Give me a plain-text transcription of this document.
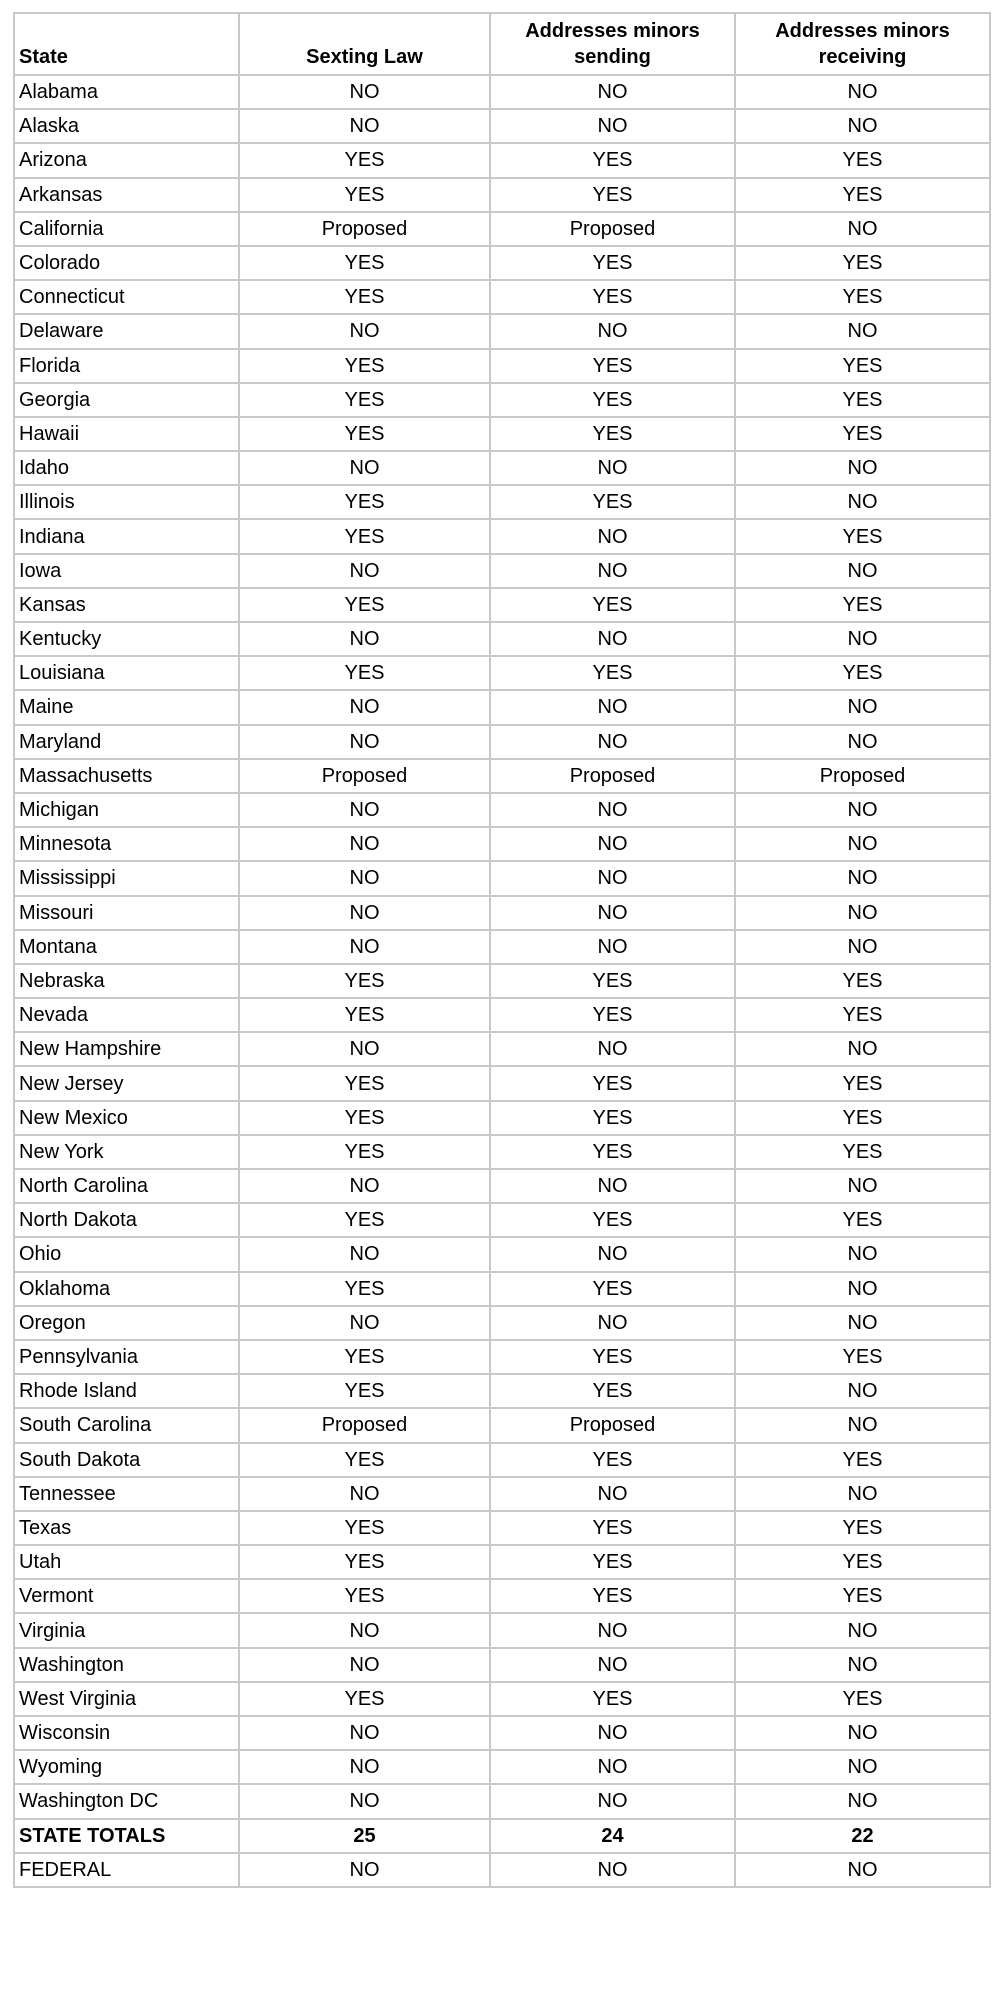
State	Sexting Law	Addresses minors sending	Addresses minors receiving
Alabama	NO	NO	NO
Alaska	NO	NO	NO
Arizona	YES	YES	YES
Arkansas	YES	YES	YES
California	Proposed	Proposed	NO
Colorado	YES	YES	YES
Connecticut	YES	YES	YES
Delaware	NO	NO	NO
Florida	YES	YES	YES
Georgia	YES	YES	YES
Hawaii	YES	YES	YES
Idaho	NO	NO	NO
Illinois	YES	YES	NO
Indiana	YES	NO	YES
Iowa	NO	NO	NO
Kansas	YES	YES	YES
Kentucky	NO	NO	NO
Louisiana	YES	YES	YES
Maine	NO	NO	NO
Maryland	NO	NO	NO
Massachusetts	Proposed	Proposed	Proposed
Michigan	NO	NO	NO
Minnesota	NO	NO	NO
Mississippi	NO	NO	NO
Missouri	NO	NO	NO
Montana	NO	NO	NO
Nebraska	YES	YES	YES
Nevada	YES	YES	YES
New Hampshire	NO	NO	NO
New Jersey	YES	YES	YES
New Mexico	YES	YES	YES
New York	YES	YES	YES
North Carolina	NO	NO	NO
North Dakota	YES	YES	YES
Ohio	NO	NO	NO
Oklahoma	YES	YES	NO
Oregon	NO	NO	NO
Pennsylvania	YES	YES	YES
Rhode Island	YES	YES	NO
South Carolina	Proposed	Proposed	NO
South Dakota	YES	YES	YES
Tennessee	NO	NO	NO
Texas	YES	YES	YES
Utah	YES	YES	YES
Vermont	YES	YES	YES
Virginia	NO	NO	NO
Washington	NO	NO	NO
West Virginia	YES	YES	YES
Wisconsin	NO	NO	NO
Wyoming	NO	NO	NO
Washington DC	NO	NO	NO
STATE TOTALS	25	24	22
FEDERAL	NO	NO	NO
